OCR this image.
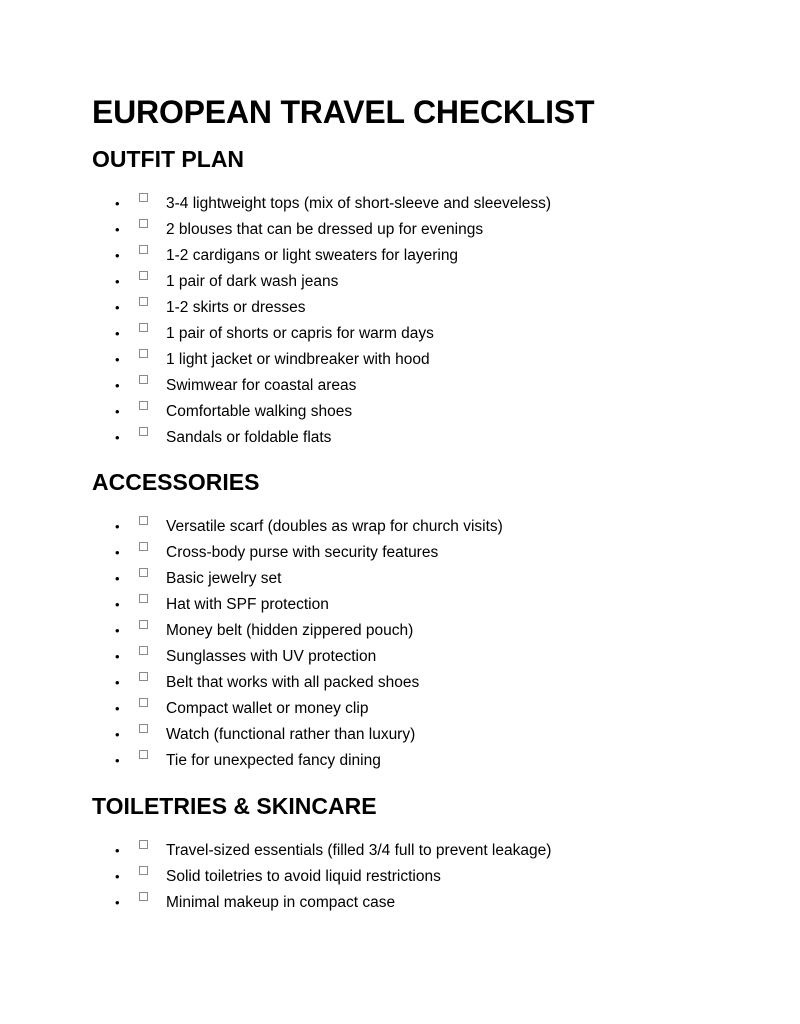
EUROPEAN TRAVEL CHECKLIST
OUTFIT PLAN
•	3-4 lightweight tops (mix of short-sleeve and sleeveless)
•	2 blouses that can be dressed up for evenings
•	1-2 cardigans or light sweaters for layering
•	1 pair of dark wash jeans
•	1-2 skirts or dresses
•	1 pair of shorts or capris for warm days
•	1 light jacket or windbreaker with hood
•	Swimwear for coastal areas
•	Comfortable walking shoes
•	Sandals or foldable flats
ACCESSORIES
•	Versatile scarf (doubles as wrap for church visits)
•	Cross-body purse with security features
•	Basic jewelry set
•	Hat with SPF protection
•	Money belt (hidden zippered pouch)
•	Sunglasses with UV protection
•	Belt that works with all packed shoes
•	Compact wallet or money clip
•	Watch (functional rather than luxury)
•	Tie for unexpected fancy dining
TOILETRIES & SKINCARE
•	Travel-sized essentials (filled 3/4 full to prevent leakage)
•	Solid toiletries to avoid liquid restrictions
•	Minimal makeup in compact case
